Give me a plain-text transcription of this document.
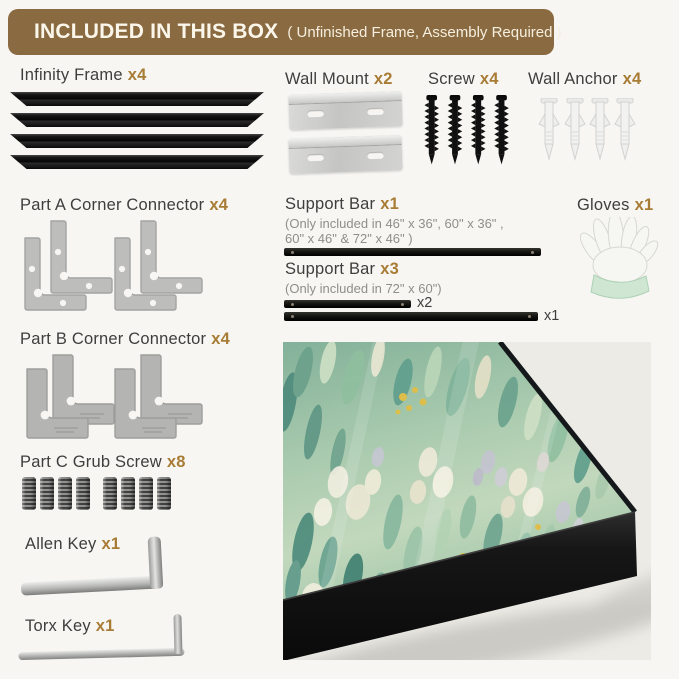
INCLUDED IN THIS BOX ( Unfinished Frame, Assembly Required )
Infinity Frame x4
Part A Corner Connector x4
Part B Corner Connector x4
Part C Grub Screw x8
Allen Key x1
Torx Key x1
Wall Mount x2 Screw x4 Wall Anchor x4
Support Bar x1
(Only included in 46" x 36", 60" x 36" ,
60" x 46" & 72" x 46" )
Support Bar x3
(Only included in 72" x 60")
x2
x1
Gloves x1
